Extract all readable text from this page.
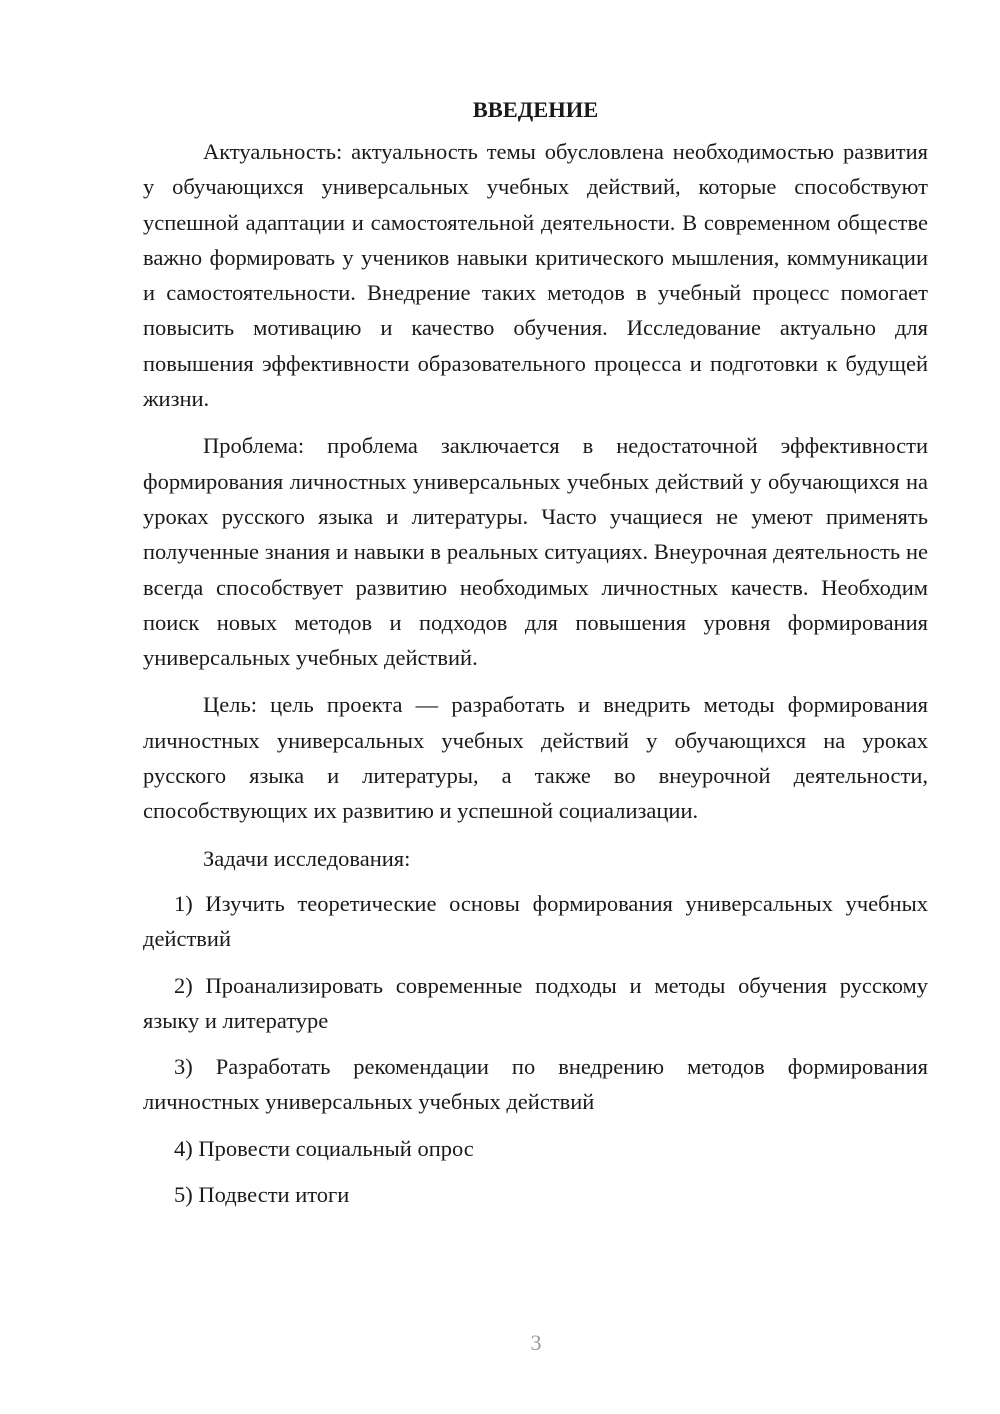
ВВЕДЕНИЕ

Актуальность: актуальность темы обусловлена необходимостью развития у обучающихся универсальных учебных действий, которые способствуют успешной адаптации и самостоятельной деятельности. В современном обществе важно формировать у учеников навыки критического мышления, коммуникации и самостоятельности. Внедрение таких методов в учебный процесс помогает повысить мотивацию и качество обучения. Исследование актуально для повышения эффективности образовательного процесса и подготовки к будущей жизни.

Проблема: проблема заключается в недостаточной эффективности формирования личностных универсальных учебных действий у обучающихся на уроках русского языка и литературы. Часто учащиеся не умеют применять полученные знания и навыки в реальных ситуациях. Внеурочная деятельность не всегда способствует развитию необходимых личностных качеств. Необходим поиск новых методов и подходов для повышения уровня формирования универсальных учебных действий.

Цель: цель проекта — разработать и внедрить методы формирования личностных универсальных учебных действий у обучающихся на уроках русского языка и литературы, а также во внеурочной деятельности, способствующих их развитию и успешной социализации.

Задачи исследования:

1) Изучить теоретические основы формирования универсальных учебных действий

2) Проанализировать современные подходы и методы обучения русскому языку и литературе

3) Разработать рекомендации по внедрению методов формирования личностных универсальных учебных действий

4) Провести социальный опрос

5) Подвести итоги

3
